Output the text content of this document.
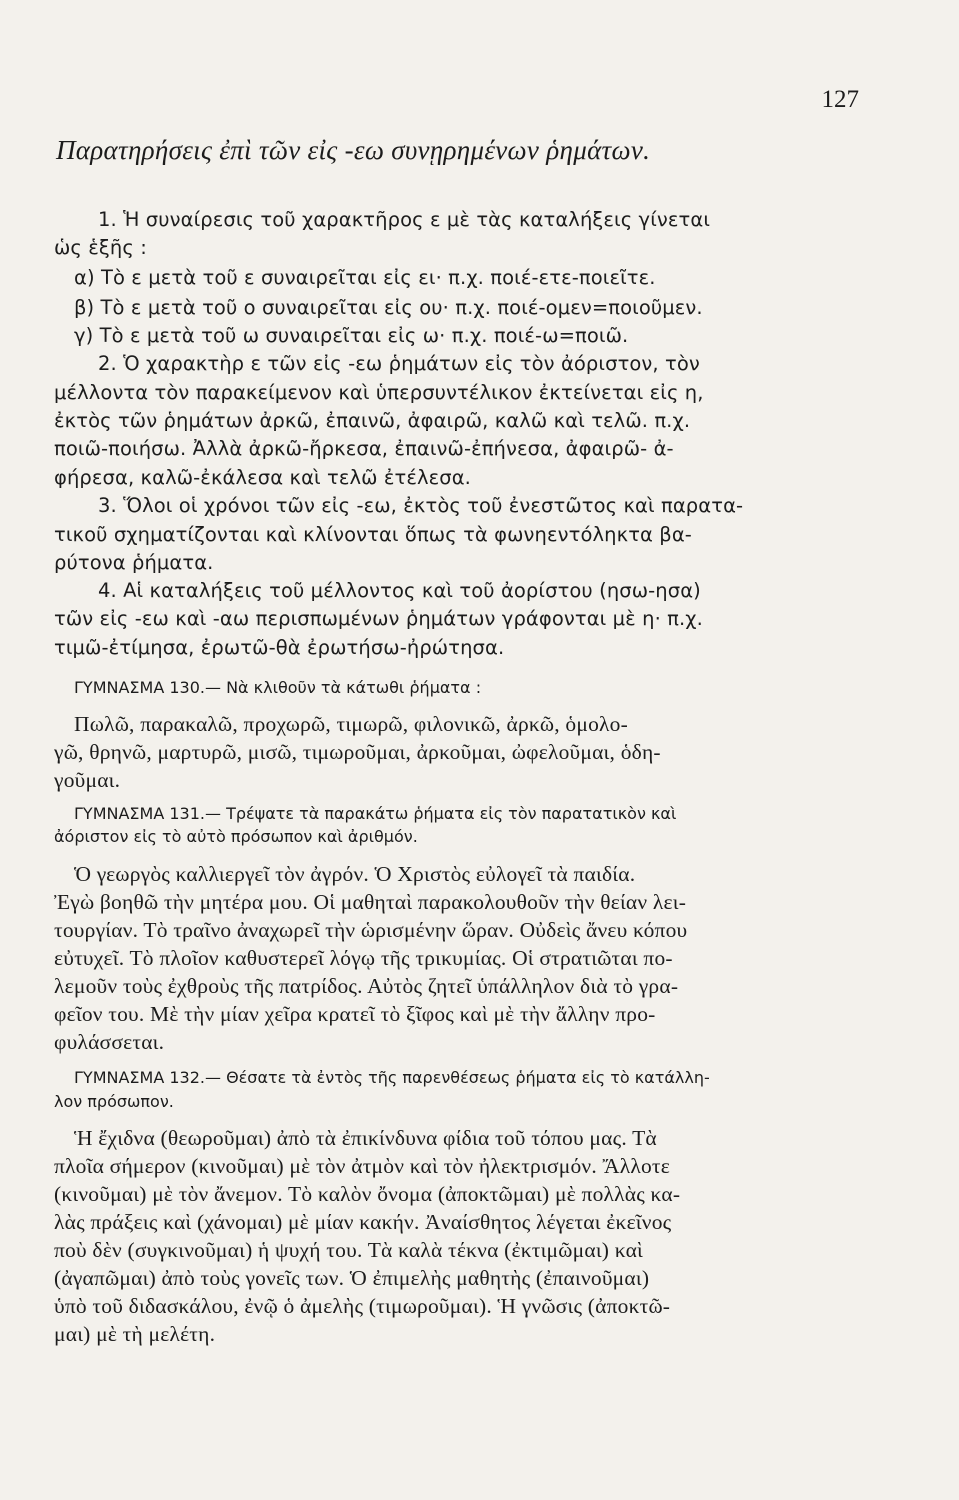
127
Παρατηρήσεις ἐπὶ τῶν εἰς -εω συνῃρημένων ῥημάτων.
1. Ἡ συναίρεσις τοῦ χαρακτῆρος ε μὲ τὰς καταλήξεις γίνεται
ὡς ἑξῆς :
α) Τὸ ε μετὰ τοῦ ε συναιρεῖται εἰς ει· π.χ. ποιέ-ετε-ποιεῖτε.
β) Τὸ ε μετὰ τοῦ ο συναιρεῖται εἰς ου· π.χ. ποιέ-ομεν=ποιοῦμεν.
γ) Τὸ ε μετὰ τοῦ ω συναιρεῖται εἰς ω· π.χ. ποιέ-ω=ποιῶ.
2. Ὁ χαρακτὴρ ε τῶν εἰς -εω ῥημάτων εἰς τὸν ἀόριστον, τὸν
μέλλοντα τὸν παρακείμενον καὶ ὑπερσυντέλικον ἐκτείνεται εἰς η,
ἐκτὸς τῶν ῥημάτων ἀρκῶ, ἐπαινῶ, ἀφαιρῶ, καλῶ καὶ τελῶ. π.χ.
ποιῶ-ποιήσω. Ἀλλὰ ἀρκῶ-ἤρκεσα, ἐπαινῶ-ἐπήνεσα, ἀφαιρῶ- ἀ-
φήρεσα, καλῶ-ἐκάλεσα καὶ τελῶ ἐτέλεσα.
3. Ὅλοι οἱ χρόνοι τῶν εἰς -εω, ἐκτὸς τοῦ ἐνεστῶτος καὶ παρατα-
τικοῦ σχηματίζονται καὶ κλίνονται ὅπως τὰ φωνηεντόληκτα βα-
ρύτονα ῥήματα.
4. Αἱ καταλήξεις τοῦ μέλλοντος καὶ τοῦ ἀορίστου (ησω-ησα)
τῶν εἰς -εω καὶ -αω περισπωμένων ῥημάτων γράφονται μὲ η· π.χ.
τιμῶ-ἐτίμησα, ἐρωτῶ-θὰ ἐρωτήσω-ἠρώτησα.
ΓΥΜΝΑΣΜΑ 130.— Νὰ κλιθοῦν τὰ κάτωθι ῥήματα :
Πωλῶ, παρακαλῶ, προχωρῶ, τιμωρῶ, φιλονικῶ, ἀρκῶ, ὁμολο-
γῶ, θρηνῶ, μαρτυρῶ, μισῶ, τιμωροῦμαι, ἀρκοῦμαι, ὠφελοῦμαι, ὁδη-
γοῦμαι.
ΓΥΜΝΑΣΜΑ 131.— Τρέψατε τὰ παρακάτω ῥήματα εἰς τὸν παρατατικὸν καὶ
ἀόριστον εἰς τὸ αὐτὸ πρόσωπον καὶ ἀριθμόν.
Ὁ γεωργὸς καλλιεργεῖ τὸν ἀγρόν. Ὁ Χριστὸς εὐλογεῖ τὰ παιδία.
Ἐγὼ βοηθῶ τὴν μητέρα μου. Οἱ μαθηταὶ παρακολουθοῦν τὴν θείαν λει-
τουργίαν. Τὸ τραῖνο ἀναχωρεῖ τὴν ὡρισμένην ὥραν. Οὐδεὶς ἄνευ κόπου
εὐτυχεῖ. Τὸ πλοῖον καθυστερεῖ λόγῳ τῆς τρικυμίας. Οἱ στρατιῶται πο-
λεμοῦν τοὺς ἐχθροὺς τῆς πατρίδος. Αὐτὸς ζητεῖ ὑπάλληλον διὰ τὸ γρα-
φεῖον του. Μὲ τὴν μίαν χεῖρα κρατεῖ τὸ ξῖφος καὶ μὲ τὴν ἄλλην προ-
φυλάσσεται.
ΓΥΜΝΑΣΜΑ 132.— Θέσατε τὰ ἐντὸς τῆς παρενθέσεως ῥήματα εἰς τὸ κατάλλη-
λον πρόσωπον.
Ἡ ἔχιδνα (θεωροῦμαι) ἀπὸ τὰ ἐπικίνδυνα φίδια τοῦ τόπου μας. Τὰ
πλοῖα σήμερον (κινοῦμαι) μὲ τὸν ἀτμὸν καὶ τὸν ἠλεκτρισμόν. Ἄλλοτε
(κινοῦμαι) μὲ τὸν ἄνεμον. Τὸ καλὸν ὄνομα (ἀποκτῶμαι) μὲ πολλὰς κα-
λὰς πράξεις καὶ (χάνομαι) μὲ μίαν κακήν. Ἀναίσθητος λέγεται ἐκεῖνος
ποὺ δὲν (συγκινοῦμαι) ἡ ψυχή του. Τὰ καλὰ τέκνα (ἐκτιμῶμαι) καὶ
(ἀγαπῶμαι) ἀπὸ τοὺς γονεῖς των. Ὁ ἐπιμελὴς μαθητὴς (ἐπαινοῦμαι)
ὑπὸ τοῦ διδασκάλου, ἐνῷ ὁ ἀμελὴς (τιμωροῦμαι). Ἡ γνῶσις (ἀποκτῶ-
μαι) μὲ τὴ μελέτη.
